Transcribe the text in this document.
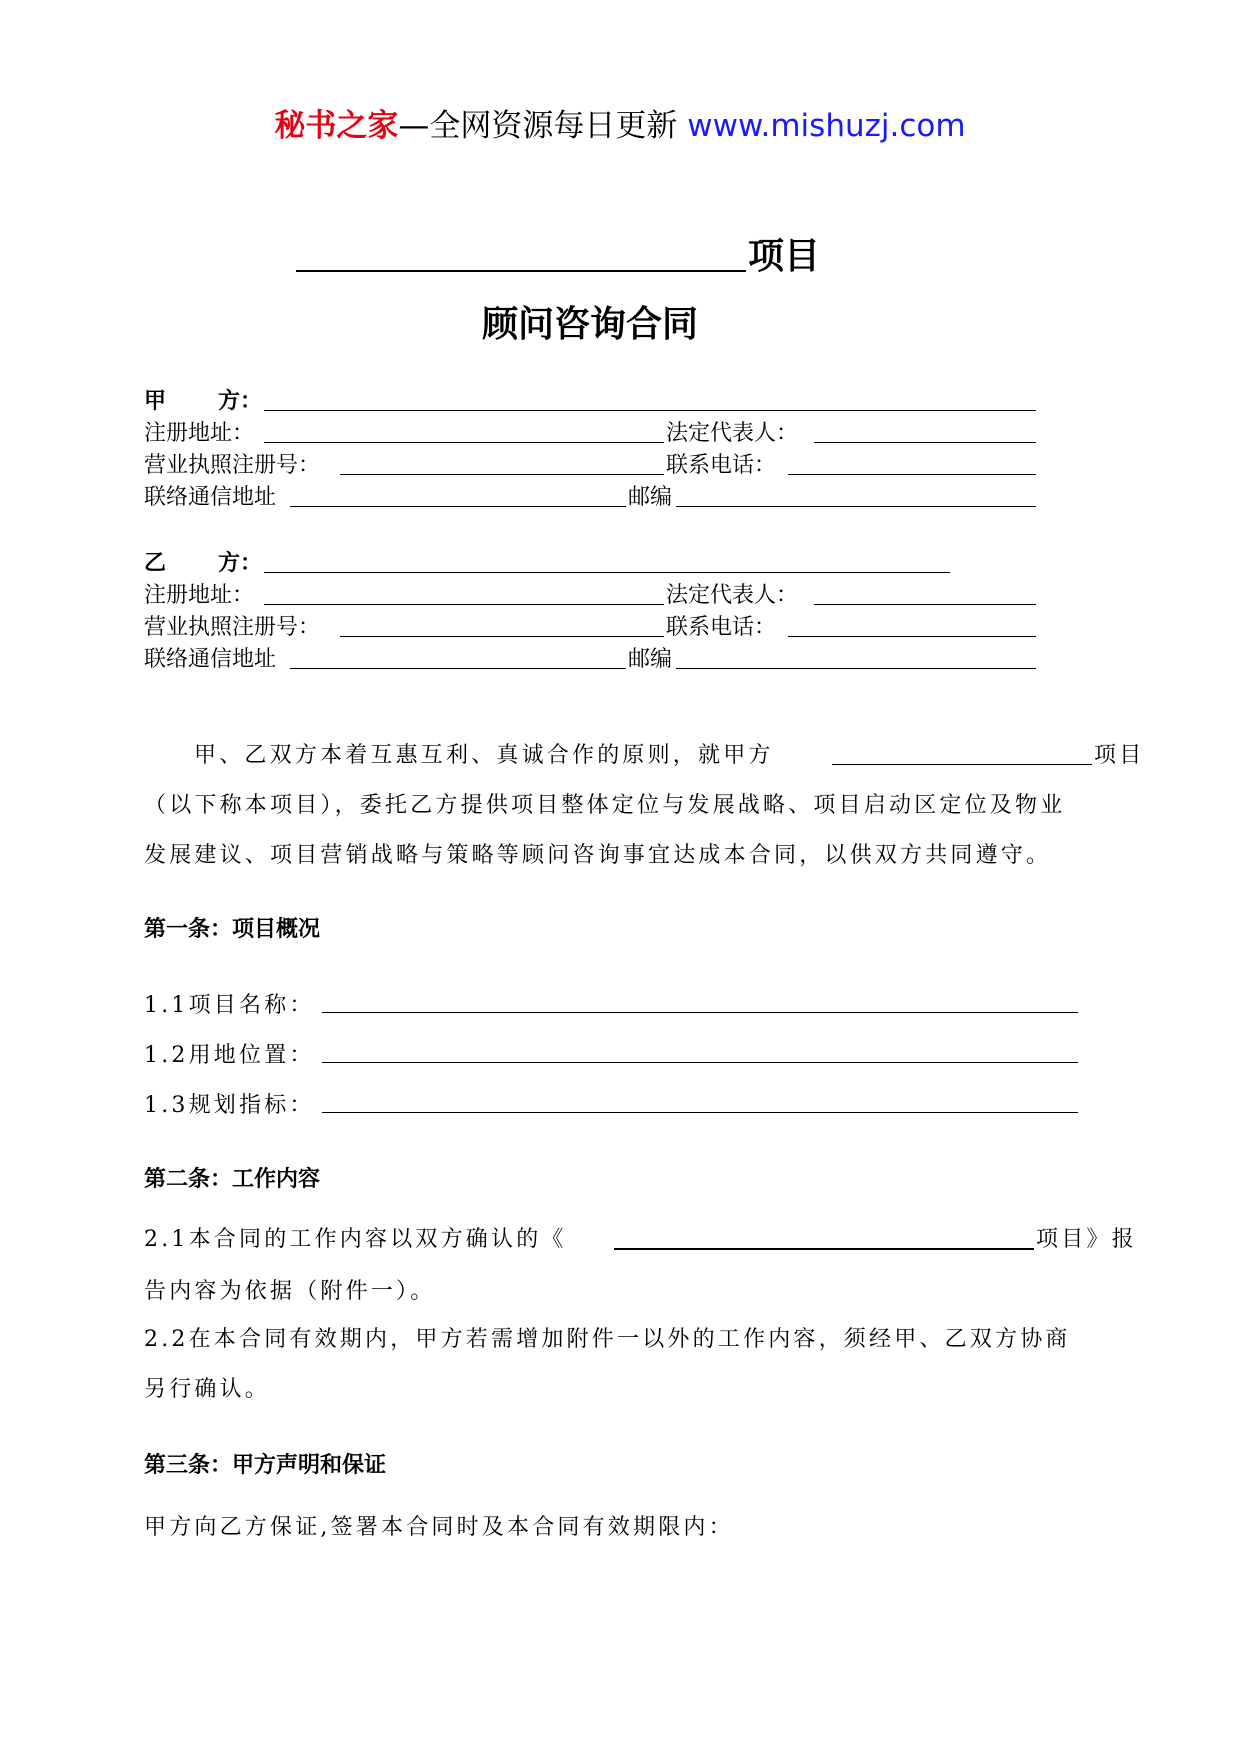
秘书之家—全网资源每日更新 www.mishuzj.com
项目
顾问咨询合同
甲 方：
注册地址：	法定代表人：
营业执照注册号：	联系电话：
联络通信地址	邮编
乙 方：
注册地址：	法定代表人：
营业执照注册号：	联系电话：
联络通信地址	邮编
甲、乙双方本着互惠互利、真诚合作的原则，就甲方	项目
（以下称本项目），委托乙方提供项目整体定位与发展战略、项目启动区定位及物业
发展建议、项目营销战略与策略等顾问咨询事宜达成本合同，以供双方共同遵守。
第一条：项目概况
1.1项目名称：
1.2用地位置：
1.3规划指标：
第二条：工作内容
2.1本合同的工作内容以双方确认的《	项目》报
告内容为依据（附件一）。
2.2在本合同有效期内，甲方若需增加附件一以外的工作内容，须经甲、乙双方协商
另行确认。
第三条：甲方声明和保证
甲方向乙方保证,签署本合同时及本合同有效期限内：
